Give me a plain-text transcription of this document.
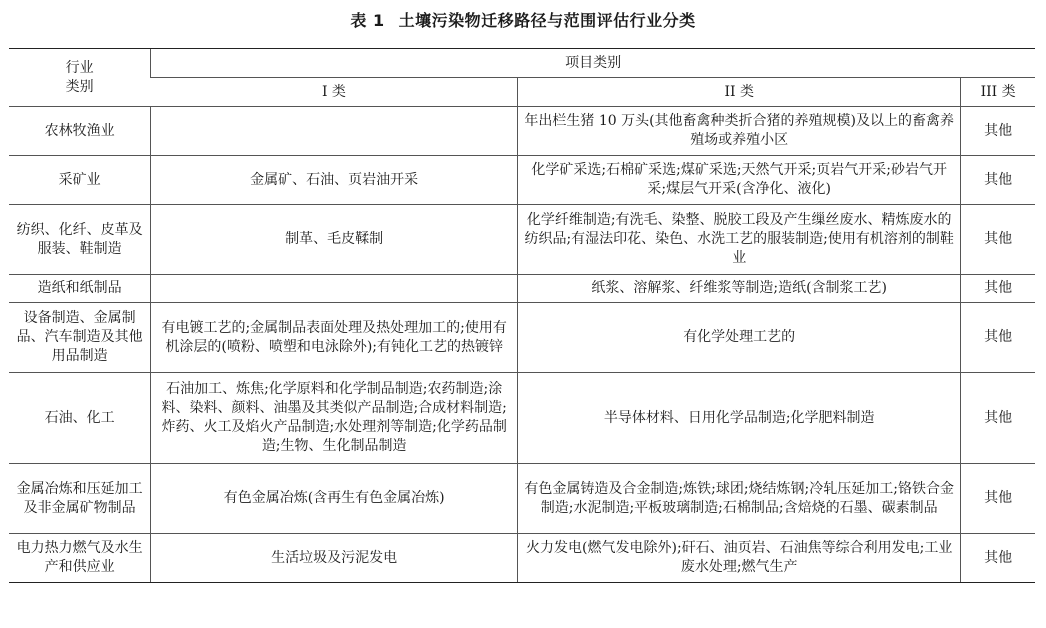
表 1 土壤污染物迁移路径与范围评估行业分类
行业
类别	项目类别		
	I 类	II 类	III 类
农林牧渔业		年出栏生猪 10 万头(其他畜禽种类折合猪的养殖规模)及以上的畜禽养殖场或养殖小区	其他
采矿业	金属矿、石油、页岩油开采	化学矿采选;石棉矿采选;煤矿采选;天然气开采;页岩气开采;砂岩气开采;煤层气开采(含净化、液化)	其他
纺织、化纤、皮革及服装、鞋制造	制革、毛皮鞣制	化学纤维制造;有洗毛、染整、脱胶工段及产生缫丝废水、精炼废水的纺织品;有湿法印花、染色、水洗工艺的服装制造;使用有机溶剂的制鞋业	其他
造纸和纸制品		纸浆、溶解浆、纤维浆等制造;造纸(含制浆工艺)	其他
设备制造、金属制品、汽车制造及其他用品制造	有电镀工艺的;金属制品表面处理及热处理加工的;使用有机涂层的(喷粉、喷塑和电泳除外);有钝化工艺的热镀锌	有化学处理工艺的	其他
石油、化工	石油加工、炼焦;化学原料和化学制品制造;农药制造;涂料、染料、颜料、油墨及其类似产品制造;合成材料制造;炸药、火工及焰火产品制造;水处理剂等制造;化学药品制造;生物、生化制品制造	半导体材料、日用化学品制造;化学肥料制造	其他
金属冶炼和压延加工及非金属矿物制品	有色金属冶炼(含再生有色金属冶炼)	有色金属铸造及合金制造;炼铁;球团;烧结炼钢;冷轧压延加工;铬铁合金制造;水泥制造;平板玻璃制造;石棉制品;含焙烧的石墨、碳素制品	其他
电力热力燃气及水生产和供应业	生活垃圾及污泥发电	火力发电(燃气发电除外);矸石、油页岩、石油焦等综合利用发电;工业废水处理;燃气生产	其他
